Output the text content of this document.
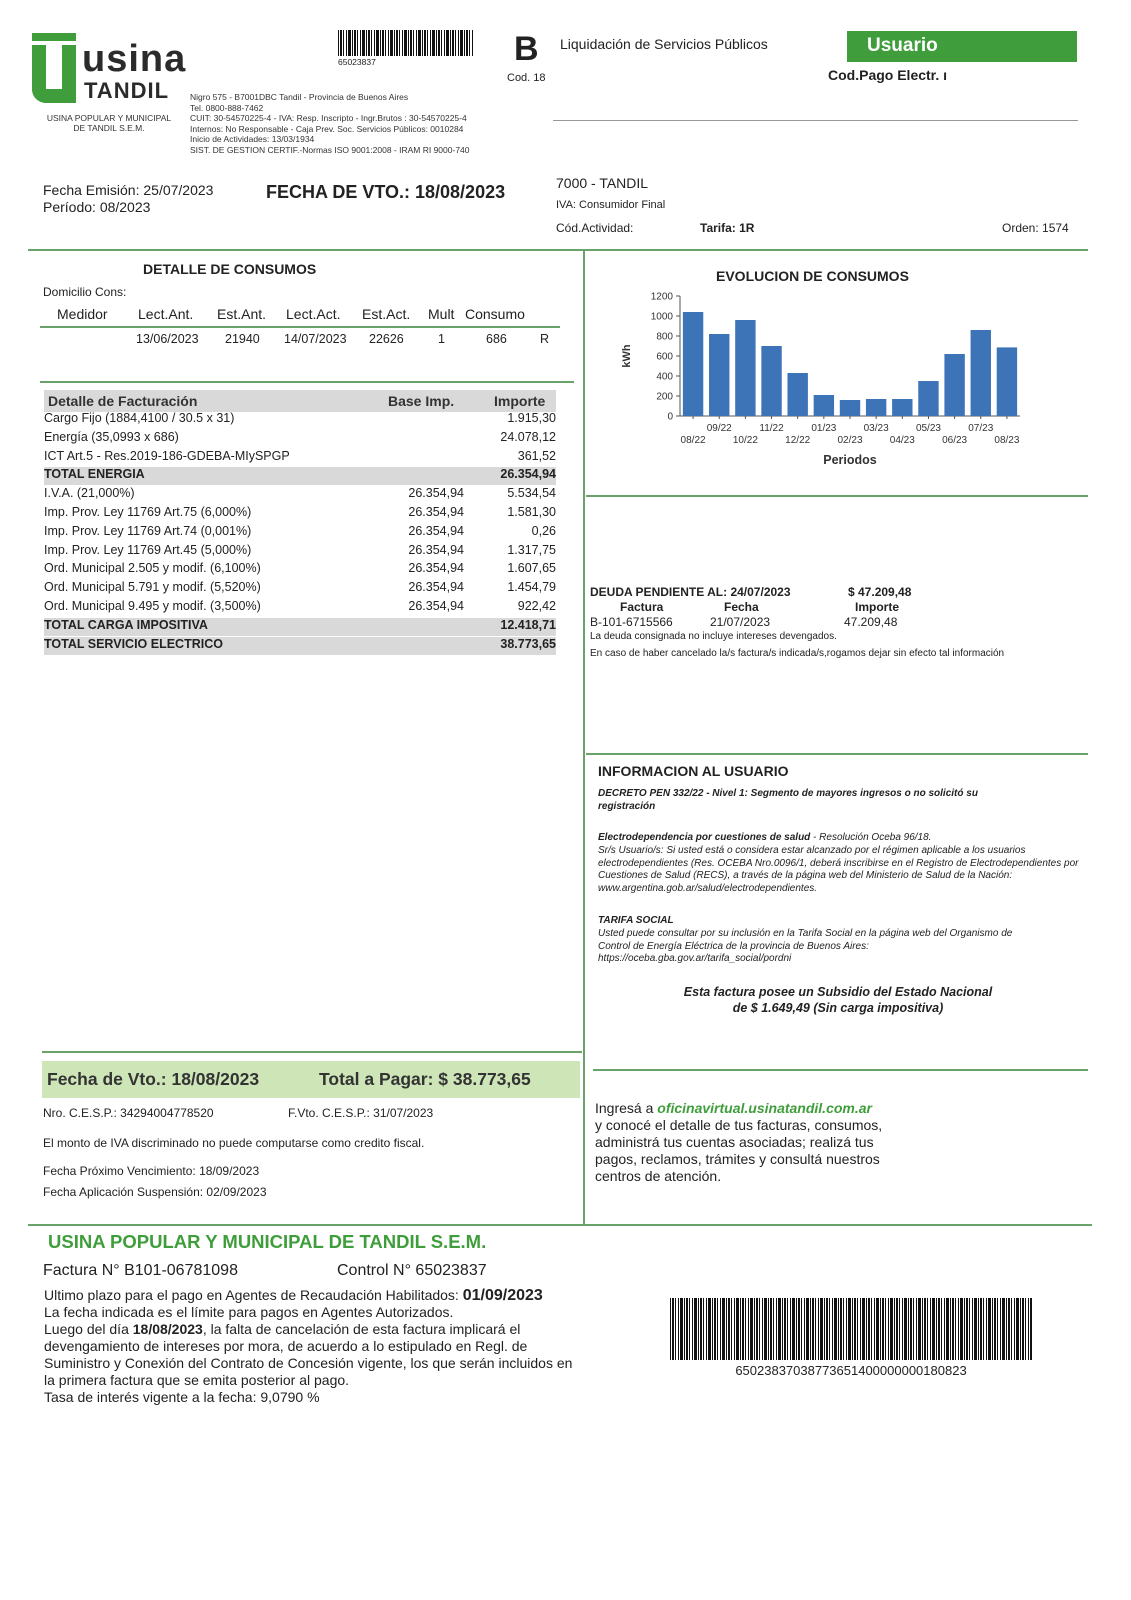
usina
TANDIL
USINA POPULAR Y MUNICIPAL
DE TANDIL S.E.M.
Nigro 575 - B7001DBC Tandil - Provincia de Buenos Aires
Tel. 0800-888-7462
CUIT: 30-54570225-4 - IVA: Resp. Inscripto - Ingr.Brutos : 30-54570225-4
Internos: No Responsable - Caja Prev. Soc. Servicios Públicos: 0010284
Inicio de Actividades: 13/03/1934
SIST. DE GESTION CERTIF.-Normas ISO 9001:2008 - IRAM RI 9000-740
65023837	B
Cod. 18
Liquidación de Servicios Públicos	Usuario
Cod.Pago Electr. ı
Fecha Emisión: 25/07/2023
Período: 08/2023
FECHA DE VTO.: 18/08/2023	7000 - TANDIL
IVA: Consumidor Final
Cód.Actividad:	Tarifa: 1R	Orden: 1574
DETALLE DE CONSUMOS
Domicilio Cons:
Medidor Lect.Ant. Est.Ant. Lect.Act. Est.Act. Mult Consumo
13/06/2023 21940 14/07/2023 22626	1	686	R
Detalle de Facturación	Base Imp.	Importe
Cargo Fijo (1884,4100 / 30.5 x 31)	1.915,30
Energía (35,0993 x 686)	24.078,12
ICT Art.5 - Res.2019-186-GDEBA-MIySPGP	361,52
TOTAL ENERGIA	26.354,94
I.V.A. (21,000%)	26.354,94	5.534,54
Imp. Prov. Ley 11769 Art.75 (6,000%)	26.354,94	1.581,30
Imp. Prov. Ley 11769 Art.74 (0,001%)	26.354,94	0,26
Imp. Prov. Ley 11769 Art.45 (5,000%)	26.354,94	1.317,75
Ord. Municipal 2.505 y modif. (6,100%)	26.354,94	1.607,65
Ord. Municipal 5.791 y modif. (5,520%)	26.354,94	1.454,79
Ord. Municipal 9.495 y modif. (3,500%)	26.354,94	922,42
TOTAL CARGA IMPOSITIVA	12.418,71
TOTAL SERVICIO ELECTRICO	38.773,65
EVOLUCION DE CONSUMOS
0
200
400
600
800
1000
1200
kWh
08/22
09/22
10/22
11/22
12/22
01/23
02/23
03/23
04/23
05/23
06/23
07/23
08/23
Periodos
DEUDA PENDIENTE AL: 24/07/2023	$ 47.209,48
Factura	Fecha	Importe
B-101-6715566	21/07/2023	47.209,48
La deuda consignada no incluye intereses devengados.
En caso de haber cancelado la/s factura/s indicada/s,rogamos dejar sin efecto tal información
INFORMACION AL USUARIO
DECRETO PEN 332/22 - Nivel 1: Segmento de mayores ingresos o no solicitó su registración
Electrodependencia por cuestiones de salud - Resolución Oceba 96/18.
Sr/s Usuario/s: Si usted está o considera estar alcanzado por el régimen aplicable a los usuarios electrodependientes (Res. OCEBA Nro.0096/1, deberá inscribirse en el Registro de Electrodependientes por Cuestiones de Salud (RECS), a través de la página web del Ministerio de Salud de la Nación: www.argentina.gob.ar/salud/electrodependientes.
TARIFA SOCIAL
Usted puede consultar por su inclusión en la Tarifa Social en la página web del Organismo de Control de Energía Eléctrica de la provincia de Buenos Aires: https://oceba.gba.gov.ar/tarifa_social/pordni
Esta factura posee un Subsidio del Estado Nacional
de $ 1.649,49 (Sin carga impositiva)
Fecha de Vto.: 18/08/2023	Total a Pagar: $ 38.773,65
Nro. C.E.S.P.: 34294004778520	F.Vto. C.E.S.P.: 31/07/2023
El monto de IVA discriminado no puede computarse como credito fiscal.
Fecha Próximo Vencimiento: 18/09/2023
Fecha Aplicación Suspensión: 02/09/2023
Ingresá a oficinavirtual.usinatandil.com.ar
y conocé el detalle de tus facturas, consumos, administrá tus cuentas asociadas; realizá tus pagos, reclamos, trámites y consultá nuestros centros de atención.
USINA POPULAR Y MUNICIPAL DE TANDIL S.E.M.
Factura N° B101-06781098	Control N° 65023837
Ultimo plazo para el pago en Agentes de Recaudación Habilitados: 01/09/2023
La fecha indicada es el límite para pagos en Agentes Autorizados.
Luego del día 18/08/2023, la falta de cancelación de esta factura implicará el
devengamiento de intereses por mora, de acuerdo a lo estipulado en Regl. de
Suministro y Conexión del Contrato de Concesión vigente, los que serán incluidos en
la primera factura que se emita posterior al pago.
Tasa de interés vigente a la fecha: 9,0790 %
65023837038773651400000000180823
